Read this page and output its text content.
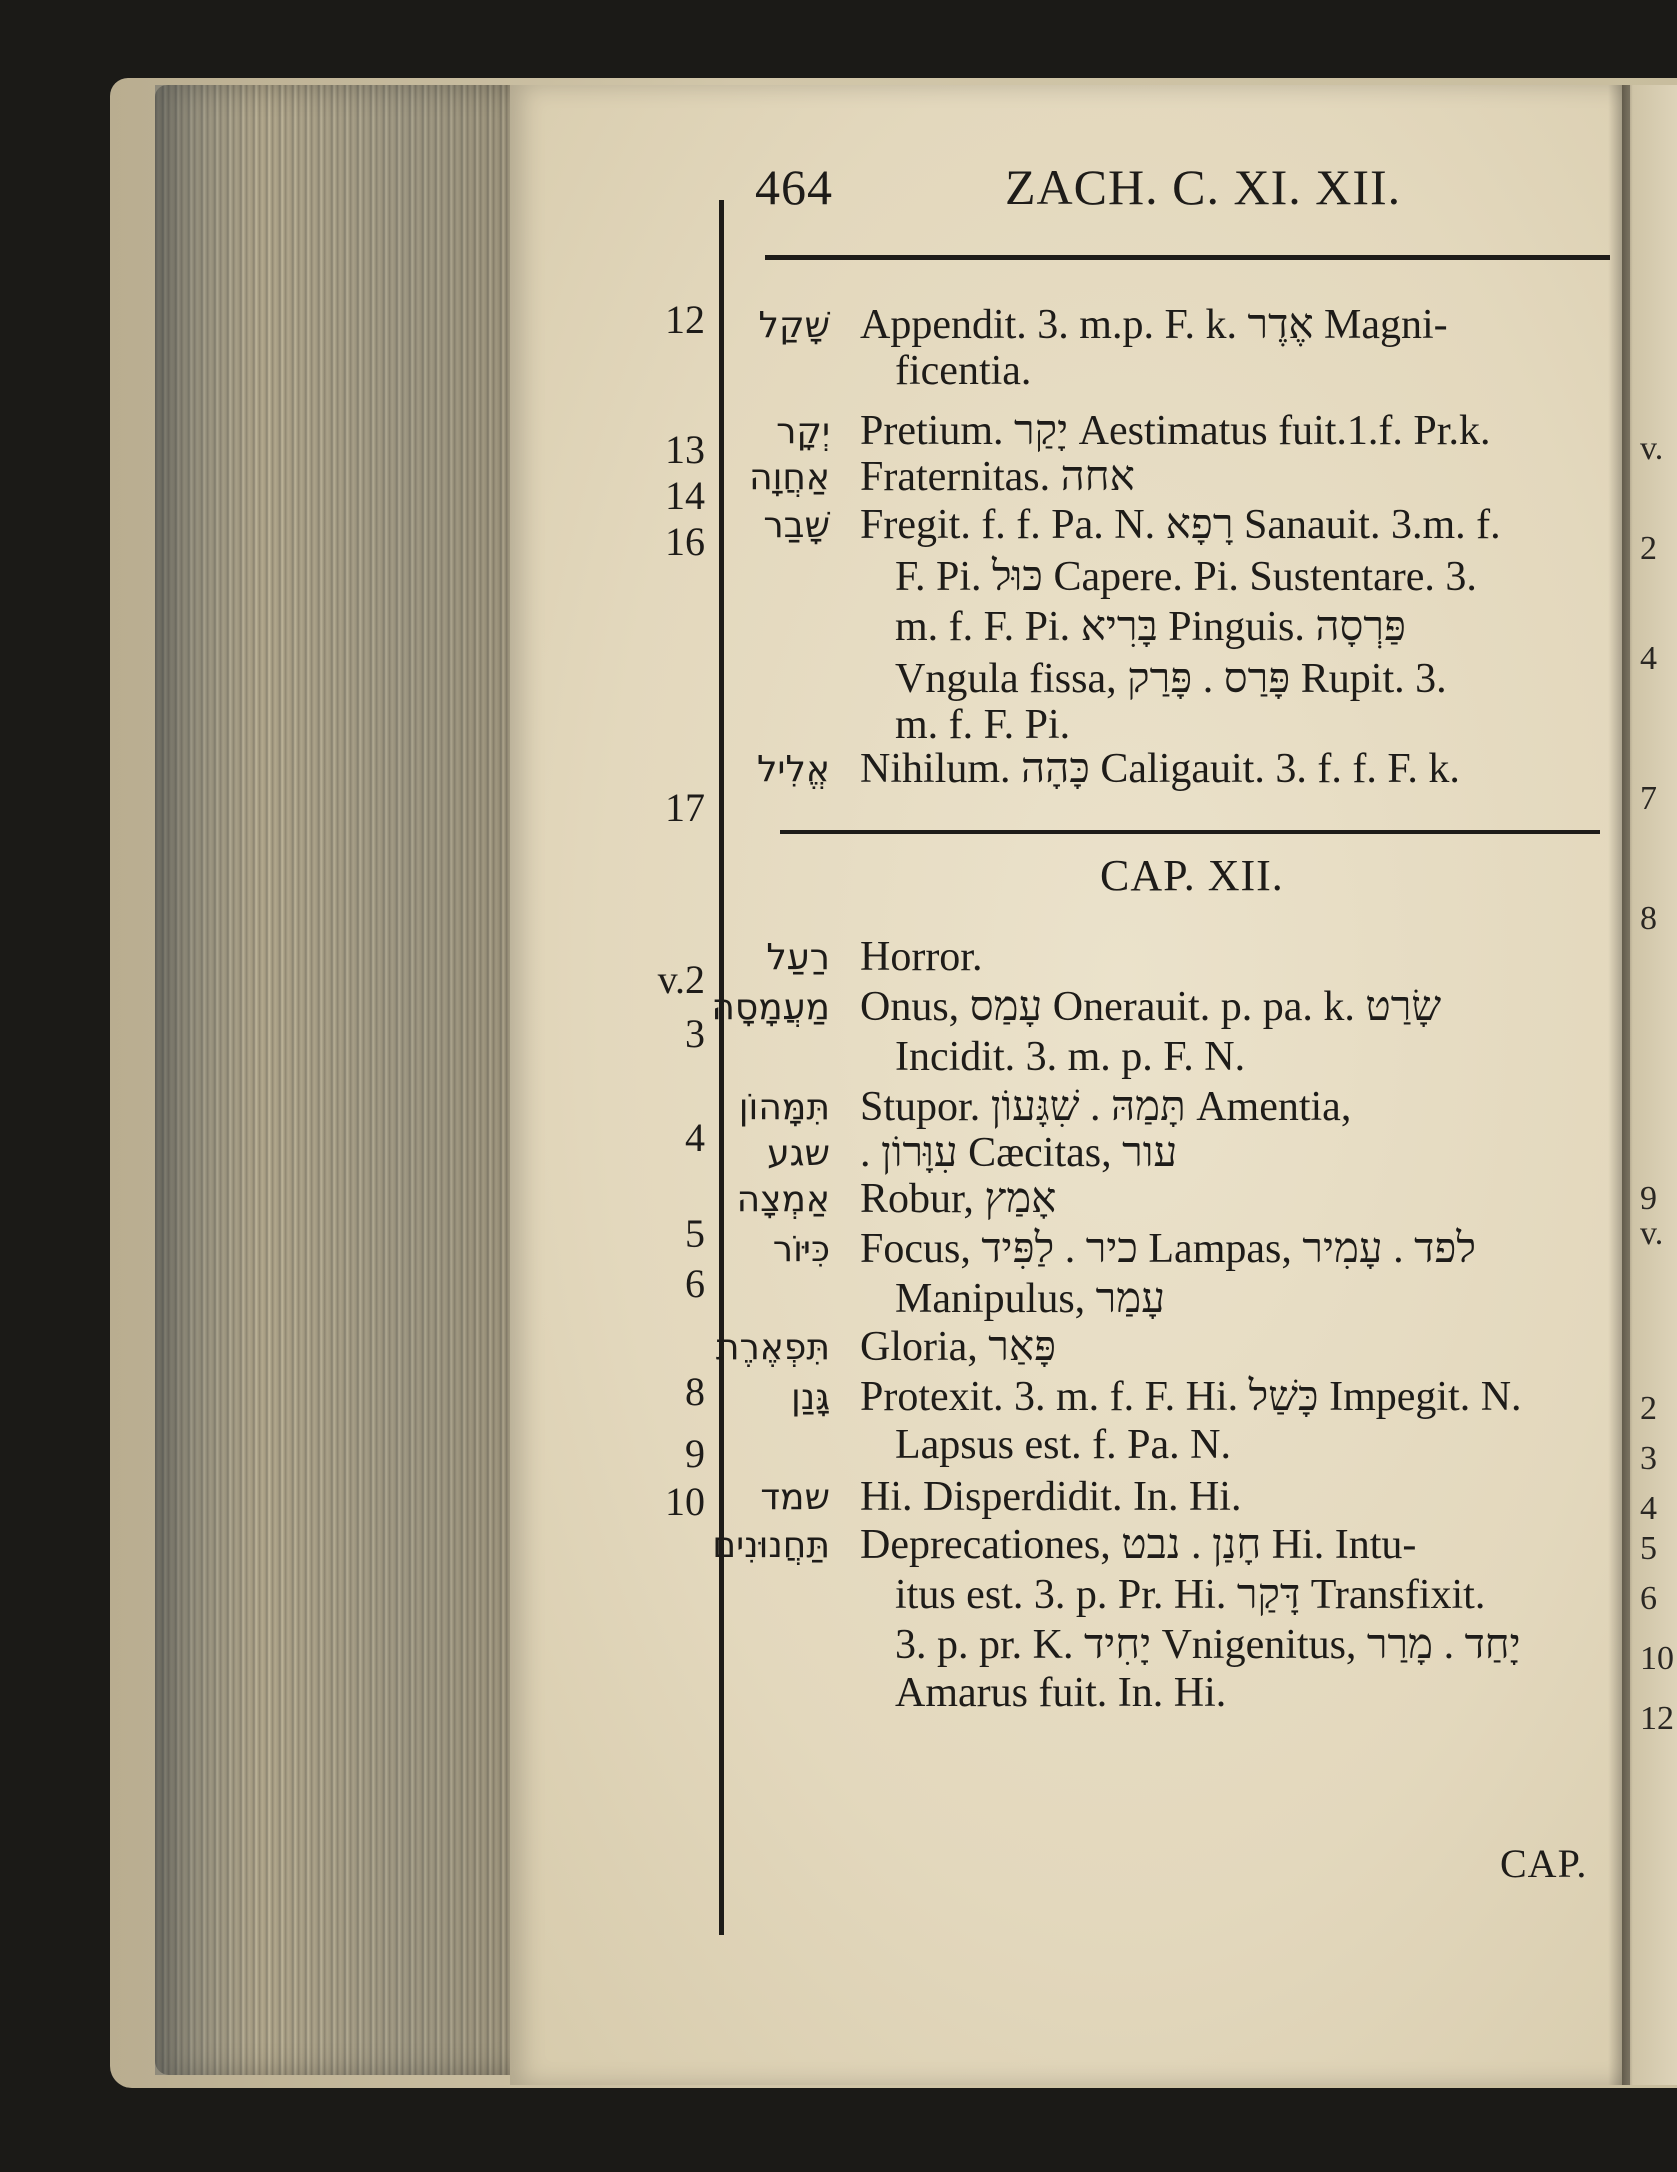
464	ZACH. C. XI. XII.
12
13
14
16
17
v.2
3
4
5
6
8
9
10
שָׁקַל Appendit. 3. m.p. F. k. אֶדֶר Magni-
ficentia.
יְקָר Pretium. יָקַר Aestimatus fuit.1.f. Pr.k.
אַחֲוָה Fraternitas. אחה
שָׁבַר Fregit. f. f. Pa. N. רָפָא Sanauit. 3.m. f.
F. Pi. כּוּל Capere. Pi. Sustentare. 3.
m. f. F. Pi. בָּרִיא Pinguis. פַּרְסָה
Vngula fissa, פָּרַס . פָּרַק Rupit. 3.
m. f. F. Pi.
אֱלִיל Nihilum. כָּהָה Caligauit. 3. f. f. F. k.
רַעַל Horror.
מַעֲמָסָה Onus, עָמַס Onerauit. p. pa. k. שָׂרַט
Incidit. 3. m. p. F. N.
תִּמָּהוֹן Stupor. תָּמַהּ . שִׁגָּעוֹן Amentia,
שגע . עִוָּרוֹן Cæcitas, עור
אַמְצָה Robur, אָמַץ
כִּיּוֹר Focus, כיר . לַפִּיד Lampas, לפד . עָמִיר
Manipulus, עָמַר
תִּפְאֶרֶת Gloria, פָּאַר
גָּנַן Protexit. 3. m. f. F. Hi. כָּשַׁל Impegit. N.
Lapsus est. f. Pa. N.
שמד Hi. Disperdidit. In. Hi.
תַּחֲנוּנִים Deprecationes, חָנַן . נבט Hi. Intu-
itus est. 3. p. Pr. Hi. דָּקַר Transfixit.
3. p. pr. K. יָחִיד Vnigenitus, יָחַד . מָרַר
Amarus fuit. In. Hi.
CAP. XII.
CAP.
v.
2
4
7
8
9
v.
2
3
4
5
6
10
12
